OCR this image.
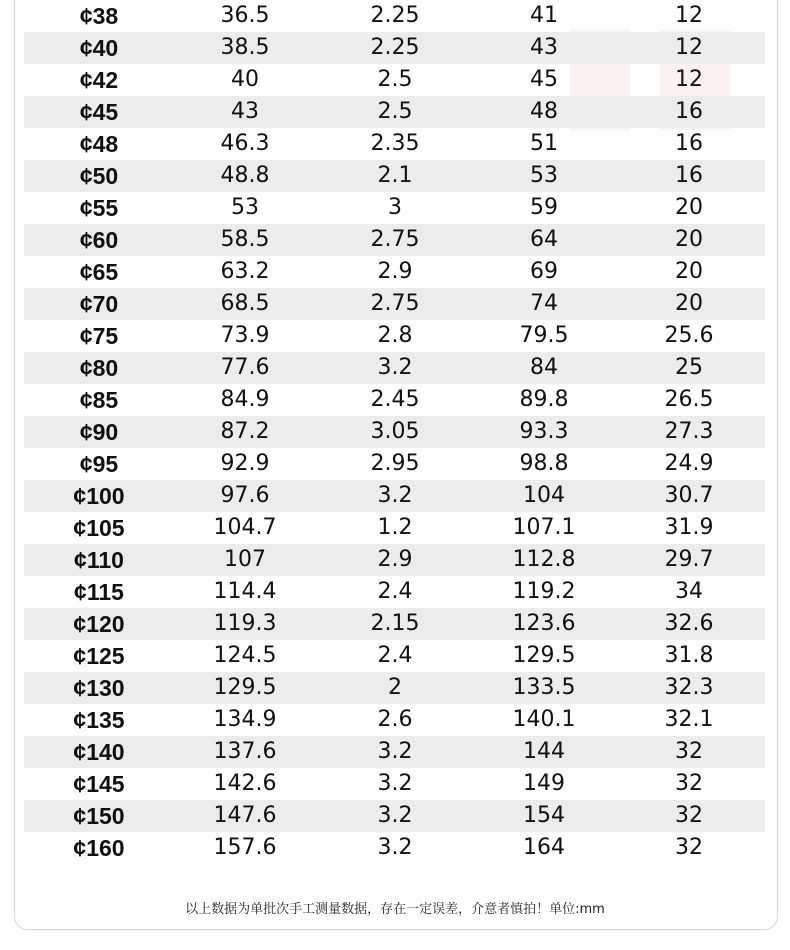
¢38	36.5	2.25	41	12
¢40	38.5	2.25	43	12
¢42	40	2.5	45	12
¢45	43	2.5	48	16
¢48	46.3	2.35	51	16
¢50	48.8	2.1	53	16
¢55	53	3	59	20
¢60	58.5	2.75	64	20
¢65	63.2	2.9	69	20
¢70	68.5	2.75	74	20
¢75	73.9	2.8	79.5	25.6
¢80	77.6	3.2	84	25
¢85	84.9	2.45	89.8	26.5
¢90	87.2	3.05	93.3	27.3
¢95	92.9	2.95	98.8	24.9
¢100	97.6	3.2	104	30.7
¢105	104.7	1.2	107.1	31.9
¢110	107	2.9	112.8	29.7
¢115	114.4	2.4	119.2	34
¢120	119.3	2.15	123.6	32.6
¢125	124.5	2.4	129.5	31.8
¢130	129.5	2	133.5	32.3
¢135	134.9	2.6	140.1	32.1
¢140	137.6	3.2	144	32
¢145	142.6	3.2	149	32
¢150	147.6	3.2	154	32
¢160	157.6	3.2	164	32
以上数据为单批次手工测量数据，存在一定误差，介意者慎拍！单位:mm
